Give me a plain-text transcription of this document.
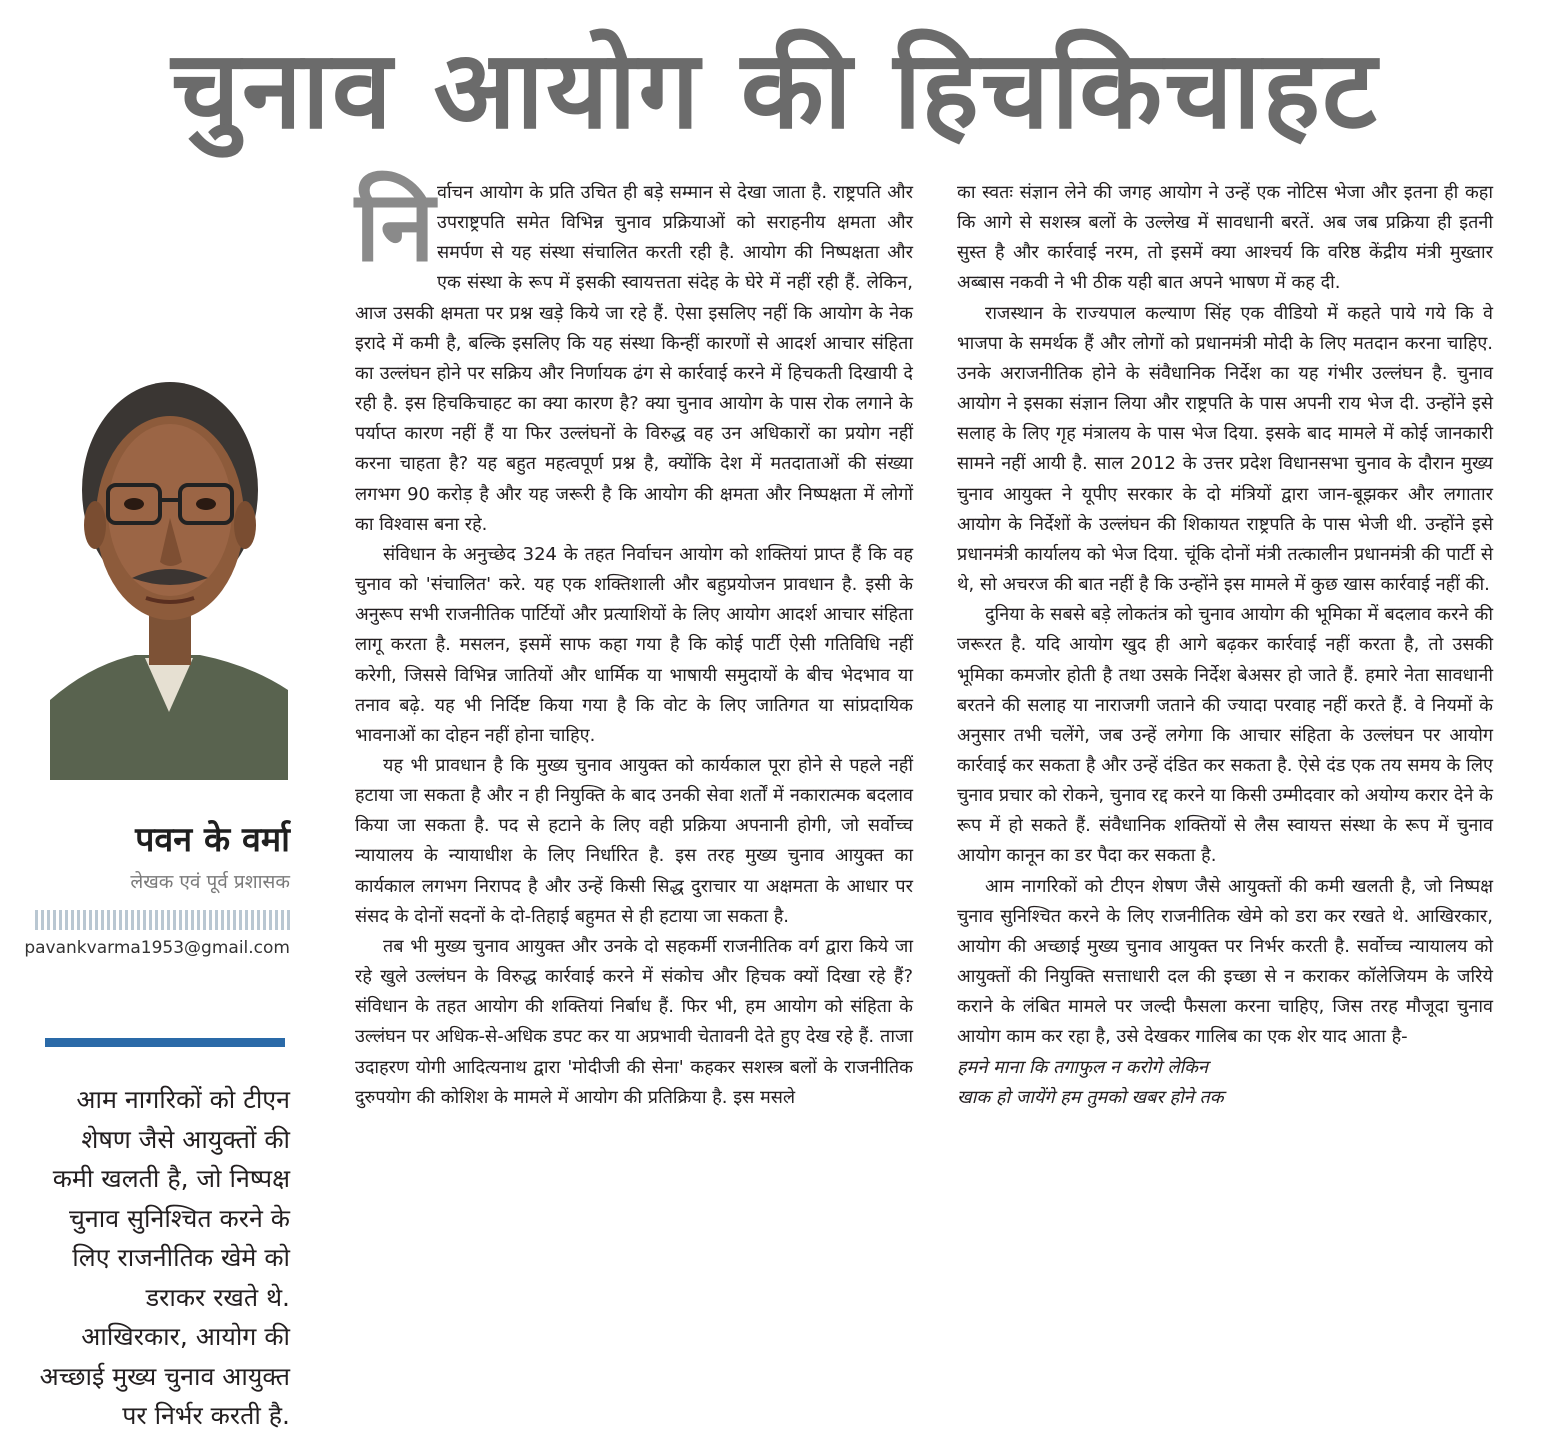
चुनाव आयोग की हिचकिचाहट
पवन के वर्मा
लेखक एवं पूर्व प्रशासक
pavankvarma1953@gmail.com

आम नागरिकों को टीएन शेषण जैसे आयुक्तों की कमी खलती है, जो निष्पक्ष चुनाव सुनिश्चित करने के लिए राजनीतिक खेमे को डराकर रखते थे. आखिरकार, आयोग की अच्छाई मुख्य चुनाव आयुक्त पर निर्भर करती है.

नि र्वाचन आयोग के प्रति उचित ही बड़े सम्मान से देखा जाता है. राष्ट्रपति और उपराष्ट्रपति समेत विभिन्न चुनाव प्रक्रियाओं को सराहनीय क्षमता और समर्पण से यह संस्था संचालित करती रही है. आयोग की निष्पक्षता और एक संस्था के रूप में इसकी स्वायत्तता संदेह के घेरे में नहीं रही हैं. लेकिन, आज उसकी क्षमता पर प्रश्न खड़े किये जा रहे हैं. ऐसा इसलिए नहीं कि आयोग के नेक इरादे में कमी है, बल्कि इसलिए कि यह संस्था किन्हीं कारणों से आदर्श आचार संहिता का उल्लंघन होने पर सक्रिय और निर्णायक ढंग से कार्रवाई करने में हिचकती दिखायी दे रही है. इस हिचकिचाहट का क्या कारण है? क्या चुनाव आयोग के पास रोक लगाने के पर्याप्त कारण नहीं हैं या फिर उल्लंघनों के विरुद्ध वह उन अधिकारों का प्रयोग नहीं करना चाहता है? यह बहुत महत्वपूर्ण प्रश्न है, क्योंकि देश में मतदाताओं की संख्या लगभग 90 करोड़ है और यह जरूरी है कि आयोग की क्षमता और निष्पक्षता में लोगों का विश्वास बना रहे.

संविधान के अनुच्छेद 324 के तहत निर्वाचन आयोग को शक्तियां प्राप्त हैं कि वह चुनाव को 'संचालित' करे. यह एक शक्तिशाली और बहुप्रयोजन प्रावधान है. इसी के अनुरूप सभी राजनीतिक पार्टियों और प्रत्याशियों के लिए आयोग आदर्श आचार संहिता लागू करता है. मसलन, इसमें साफ कहा गया है कि कोई पार्टी ऐसी गतिविधि नहीं करेगी, जिससे विभिन्न जातियों और धार्मिक या भाषायी समुदायों के बीच भेदभाव या तनाव बढ़े. यह भी निर्दिष्ट किया गया है कि वोट के लिए जातिगत या सांप्रदायिक भावनाओं का दोहन नहीं होना चाहिए.

यह भी प्रावधान है कि मुख्य चुनाव आयुक्त को कार्यकाल पूरा होने से पहले नहीं हटाया जा सकता है और न ही नियुक्ति के बाद उनकी सेवा शर्तों में नकारात्मक बदलाव किया जा सकता है. पद से हटाने के लिए वही प्रक्रिया अपनानी होगी, जो सर्वोच्च न्यायालय के न्यायाधीश के लिए निर्धारित है. इस तरह मुख्य चुनाव आयुक्त का कार्यकाल लगभग निरापद है और उन्हें किसी सिद्ध दुराचार या अक्षमता के आधार पर संसद के दोनों सदनों के दो-तिहाई बहुमत से ही हटाया जा सकता है.

तब भी मुख्य चुनाव आयुक्त और उनके दो सहकर्मी राजनीतिक वर्ग द्वारा किये जा रहे खुले उल्लंघन के विरुद्ध कार्रवाई करने में संकोच और हिचक क्यों दिखा रहे हैं? संविधान के तहत आयोग की शक्तियां निर्बाध हैं. फिर भी, हम आयोग को संहिता के उल्लंघन पर अधिक-से-अधिक डपट कर या अप्रभावी चेतावनी देते हुए देख रहे हैं. ताजा उदाहरण योगी आदित्यनाथ द्वारा 'मोदीजी की सेना' कहकर सशस्त्र बलों के राजनीतिक दुरुपयोग की कोशिश के मामले में आयोग की प्रतिक्रिया है. इस मसले

का स्वतः संज्ञान लेने की जगह आयोग ने उन्हें एक नोटिस भेजा और इतना ही कहा कि आगे से सशस्त्र बलों के उल्लेख में सावधानी बरतें. अब जब प्रक्रिया ही इतनी सुस्त है और कार्रवाई नरम, तो इसमें क्या आश्चर्य कि वरिष्ठ केंद्रीय मंत्री मुख्तार अब्बास नकवी ने भी ठीक यही बात अपने भाषण में कह दी.

राजस्थान के राज्यपाल कल्याण सिंह एक वीडियो में कहते पाये गये कि वे भाजपा के समर्थक हैं और लोगों को प्रधानमंत्री मोदी के लिए मतदान करना चाहिए. उनके अराजनीतिक होने के संवैधानिक निर्देश का यह गंभीर उल्लंघन है. चुनाव आयोग ने इसका संज्ञान लिया और राष्ट्रपति के पास अपनी राय भेज दी. उन्होंने इसे सलाह के लिए गृह मंत्रालय के पास भेज दिया. इसके बाद मामले में कोई जानकारी सामने नहीं आयी है. साल 2012 के उत्तर प्रदेश विधानसभा चुनाव के दौरान मुख्य चुनाव आयुक्त ने यूपीए सरकार के दो मंत्रियों द्वारा जान-बूझकर और लगातार आयोग के निर्देशों के उल्लंघन की शिकायत राष्ट्रपति के पास भेजी थी. उन्होंने इसे प्रधानमंत्री कार्यालय को भेज दिया. चूंकि दोनों मंत्री तत्कालीन प्रधानमंत्री की पार्टी से थे, सो अचरज की बात नहीं है कि उन्होंने इस मामले में कुछ खास कार्रवाई नहीं की.

दुनिया के सबसे बड़े लोकतंत्र को चुनाव आयोग की भूमिका में बदलाव करने की जरूरत है. यदि आयोग खुद ही आगे बढ़कर कार्रवाई नहीं करता है, तो उसकी भूमिका कमजोर होती है तथा उसके निर्देश बेअसर हो जाते हैं. हमारे नेता सावधानी बरतने की सलाह या नाराजगी जताने की ज्यादा परवाह नहीं करते हैं. वे नियमों के अनुसार तभी चलेंगे, जब उन्हें लगेगा कि आचार संहिता के उल्लंघन पर आयोग कार्रवाई कर सकता है और उन्हें दंडित कर सकता है. ऐसे दंड एक तय समय के लिए चुनाव प्रचार को रोकने, चुनाव रद्द करने या किसी उम्मीदवार को अयोग्य करार देने के रूप में हो सकते हैं. संवैधानिक शक्तियों से लैस स्वायत्त संस्था के रूप में चुनाव आयोग कानून का डर पैदा कर सकता है.

आम नागरिकों को टीएन शेषण जैसे आयुक्तों की कमी खलती है, जो निष्पक्ष चुनाव सुनिश्चित करने के लिए राजनीतिक खेमे को डरा कर रखते थे. आखिरकार, आयोग की अच्छाई मुख्य चुनाव आयुक्त पर निर्भर करती है. सर्वोच्च न्यायालय को आयुक्तों की नियुक्ति सत्ताधारी दल की इच्छा से न कराकर कॉलेजियम के जरिये कराने के लंबित मामले पर जल्दी फैसला करना चाहिए, जिस तरह मौजूदा चुनाव आयोग काम कर रहा है, उसे देखकर गालिब का एक शेर याद आता है-

हमने माना कि तगाफुल न करोगे लेकिन

खाक हो जायेंगे हम तुमको खबर होने तक
